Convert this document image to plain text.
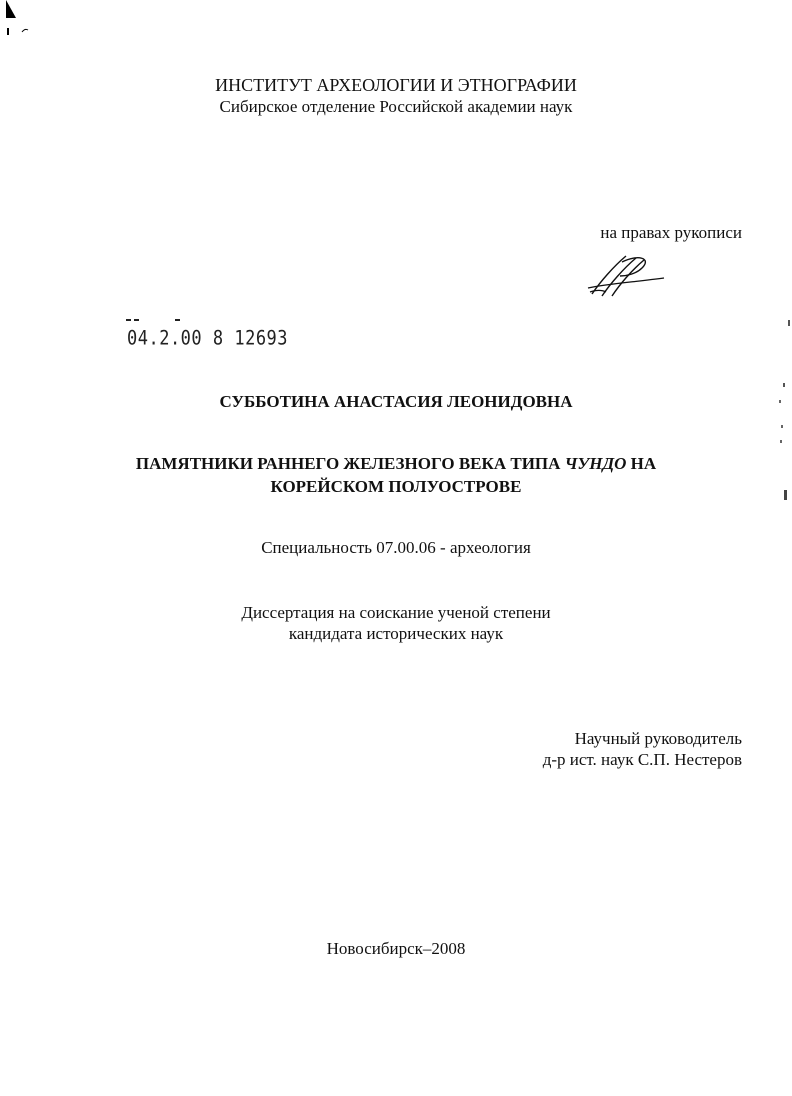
ИНСТИТУТ АРХЕОЛОГИИ И ЭТНОГРАФИИ
Сибирское отделение Российской академии наук
на правах рукописи
04.2.00 8 12693
СУББОТИНА АНАСТАСИЯ ЛЕОНИДОВНА
ПАМЯТНИКИ РАННЕГО ЖЕЛЕЗНОГО ВЕКА ТИПА ЧУНДО НА
КОРЕЙСКОМ ПОЛУОСТРОВЕ
Специальность 07.00.06 - археология
Диссертация на соискание ученой степени
кандидата исторических наук
Научный руководитель
д-р ист. наук С.П. Нестеров
Новосибирск–2008
